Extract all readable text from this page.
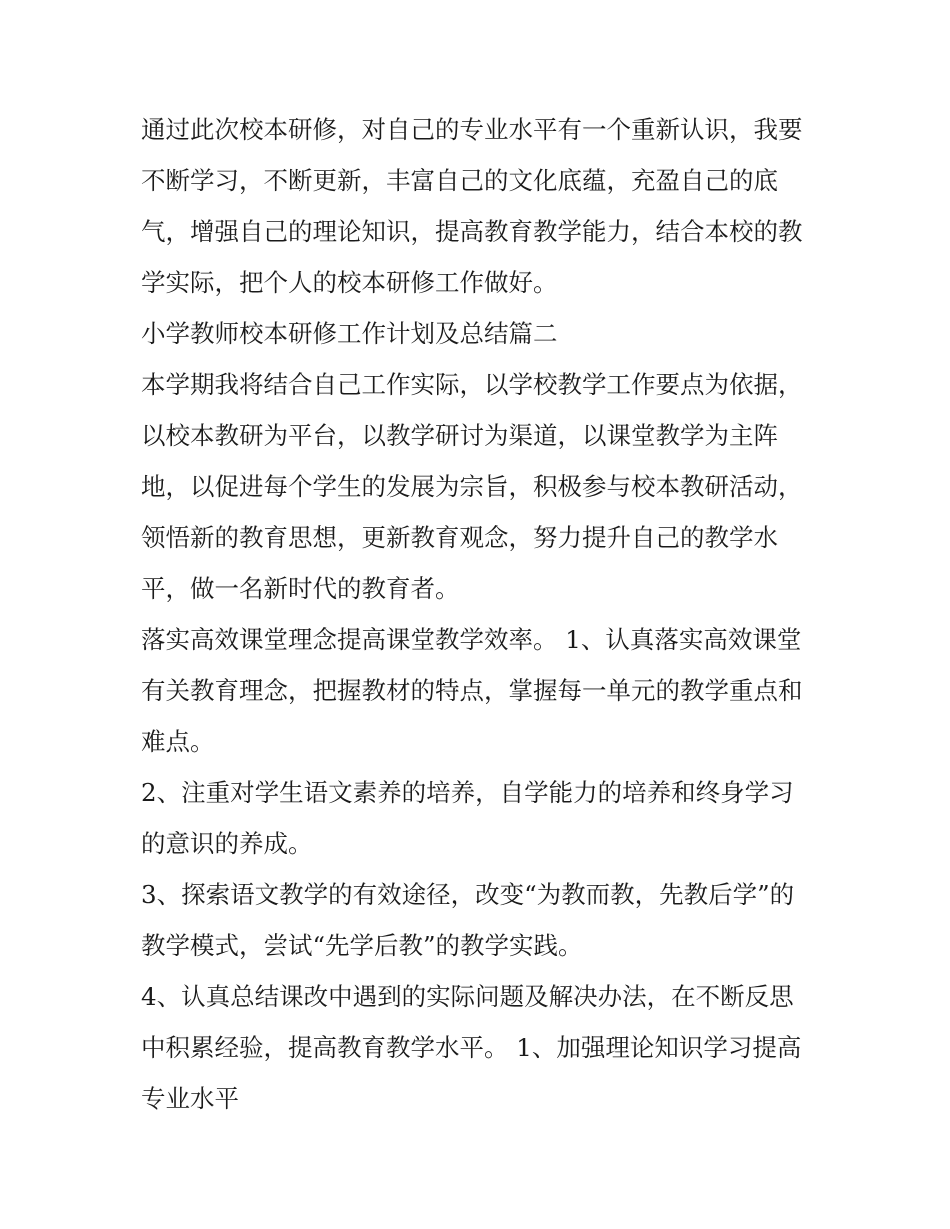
通过此次校本研修，对自己的专业水平有一个重新认识，我要
不断学习，不断更新，丰富自己的文化底蕴，充盈自己的底
气，增强自己的理论知识，提高教育教学能力，结合本校的教
学实际，把个人的校本研修工作做好。
小学教师校本研修工作计划及总结篇二
本学期我将结合自己工作实际，以学校教学工作要点为依据，
以校本教研为平台，以教学研讨为渠道，以课堂教学为主阵
地，以促进每个学生的发展为宗旨，积极参与校本教研活动，
领悟新的教育思想，更新教育观念，努力提升自己的教学水
平，做一名新时代的教育者。
落实高效课堂理念提高课堂教学效率。 1、认真落实高效课堂
有关教育理念，把握教材的特点，掌握每一单元的教学重点和
难点。
2、注重对学生语文素养的培养，自学能力的培养和终身学习
的意识的养成。
3、探索语文教学的有效途径，改变“为教而教，先教后学”的
教学模式，尝试“先学后教”的教学实践。
4、认真总结课改中遇到的实际问题及解决办法，在不断反思
中积累经验，提高教育教学水平。 1、加强理论知识学习提高
专业水平
